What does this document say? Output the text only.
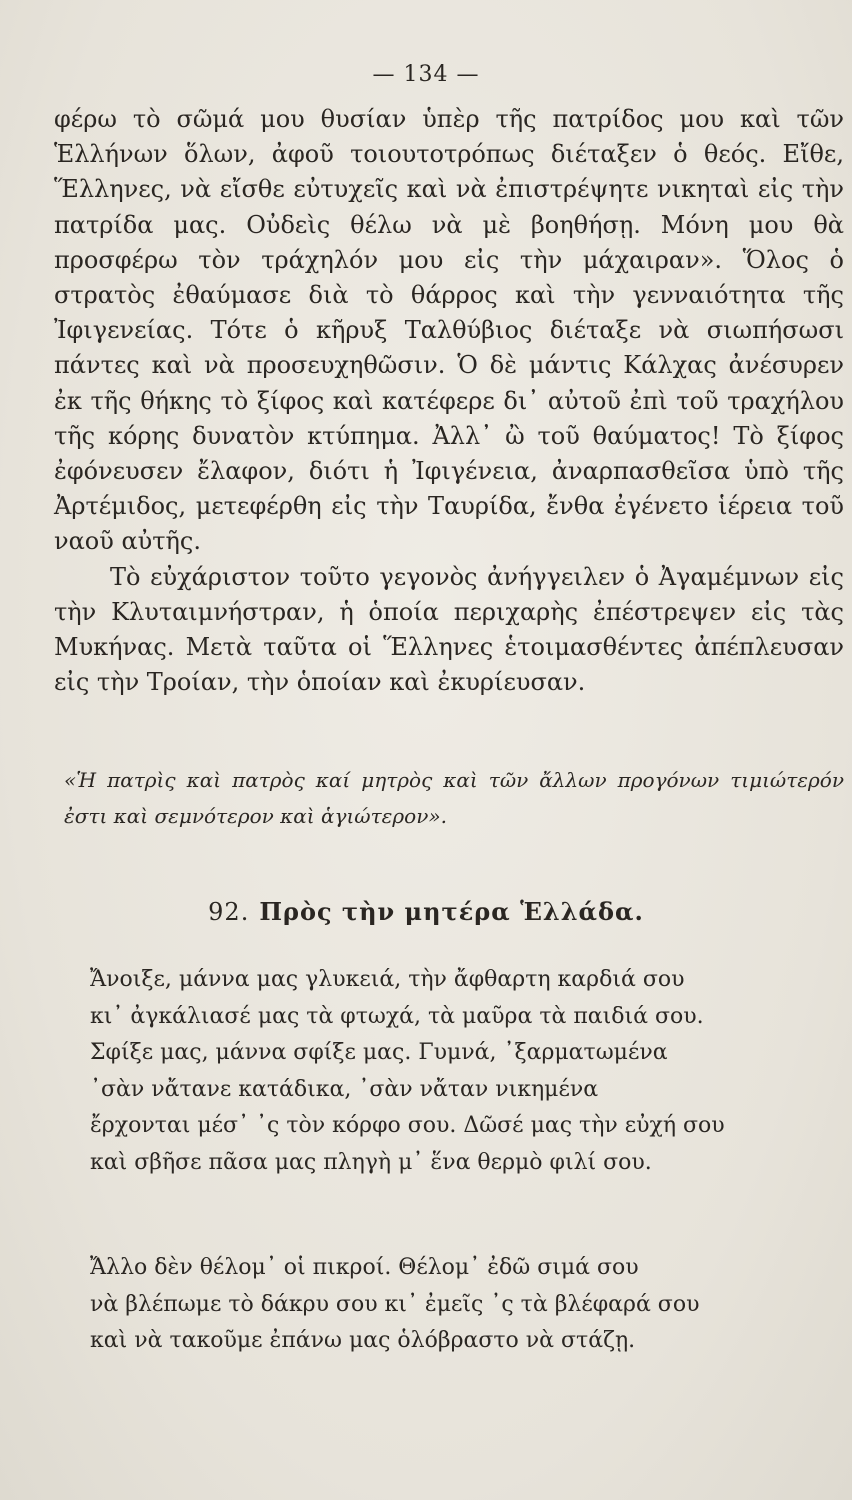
— 134 —

φέρω τὸ σῶμά μου θυσίαν ὑπὲρ τῆς πατρίδος μου καὶ τῶν Ἑλλήνων ὅλων, ἀφοῦ τοιουτοτρόπως διέταξεν ὁ θεός. Εἴθε, Ἕλληνες, νὰ εἴσθε εὐτυχεῖς καὶ νὰ ἐπιστρέψητε νικηταὶ εἰς τὴν πατρίδα μας. Οὐδεὶς θέλω νὰ μὲ βοηθήσῃ. Μόνη μου θὰ προσφέρω τὸν τράχηλόν μου εἰς τὴν μάχαιραν». Ὅλος ὁ στρατὸς ἐθαύμασε διὰ τὸ θάρρος καὶ τὴν γενναιότητα τῆς Ἰφιγενείας. Τότε ὁ κῆρυξ Ταλθύβιος διέταξε νὰ σιωπήσωσι πάντες καὶ νὰ προσευχηθῶσιν. Ὁ δὲ μάντις Κάλχας ἀνέσυρεν ἐκ τῆς θήκης τὸ ξίφος καὶ κατέφερε δι᾽ αὐτοῦ ἐπὶ τοῦ τραχήλου τῆς κόρης δυνατὸν κτύπημα. Ἀλλ᾽ ὢ τοῦ θαύματος! Τὸ ξίφος ἐφόνευσεν ἔλαφον, διότι ἡ Ἰφιγένεια, ἀναρπασθεῖσα ὑπὸ τῆς Ἀρτέμιδος, μετεφέρθη εἰς τὴν Ταυρίδα, ἔνθα ἐγένετο ἱέρεια τοῦ ναοῦ αὐτῆς.

Τὸ εὐχάριστον τοῦτο γεγονὸς ἀνήγγειλεν ὁ Ἀγαμέμνων εἰς τὴν Κλυταιμνήστραν, ἡ ὁποία περιχαρὴς ἐπέστρεψεν εἰς τὰς Μυκήνας. Μετὰ ταῦτα οἱ Ἕλληνες ἑτοιμασθέντες ἀπέπλευσαν εἰς τὴν Τροίαν, τὴν ὁποίαν καὶ ἐκυρίευσαν.

«Ἡ πατρὶς καὶ πατρὸς καί μητρὸς καὶ τῶν ἄλλων προγόνων τιμιώτερόν ἐστι καὶ σεμνότερον καὶ ἁγιώτερον».
92. Πρὸς τὴν μητέρα Ἑλλάδα.
Ἄνοιξε, μάννα μας γλυκειά, τὴν ἄφθαρτη καρδιά σου
κι᾽ ἀγκάλιασέ μας τὰ φτωχά, τὰ μαῦρα τὰ παιδιά σου.
Σφίξε μας, μάννα σφίξε μας. Γυμνά, ᾽ξαρματωμένα
᾽σὰν νἄτανε κατάδικα, ᾽σὰν νἄταν νικημένα
ἔρχονται μέσ᾽ ᾽ς τὸν κόρφο σου. Δῶσέ μας τὴν εὐχή σου
καὶ σβῆσε πᾶσα μας πληγὴ μ᾽ ἕνα θερμὸ φιλί σου.
Ἄλλο δὲν θέλομ᾽ οἱ πικροί. Θέλομ᾽ ἐδῶ σιμά σου
νὰ βλέπωμε τὸ δάκρυ σου κι᾽ ἐμεῖς ᾽ς τὰ βλέφαρά σου
καὶ νὰ τακοῦμε ἐπάνω μας ὁλόβραστο νὰ στάζῃ.
